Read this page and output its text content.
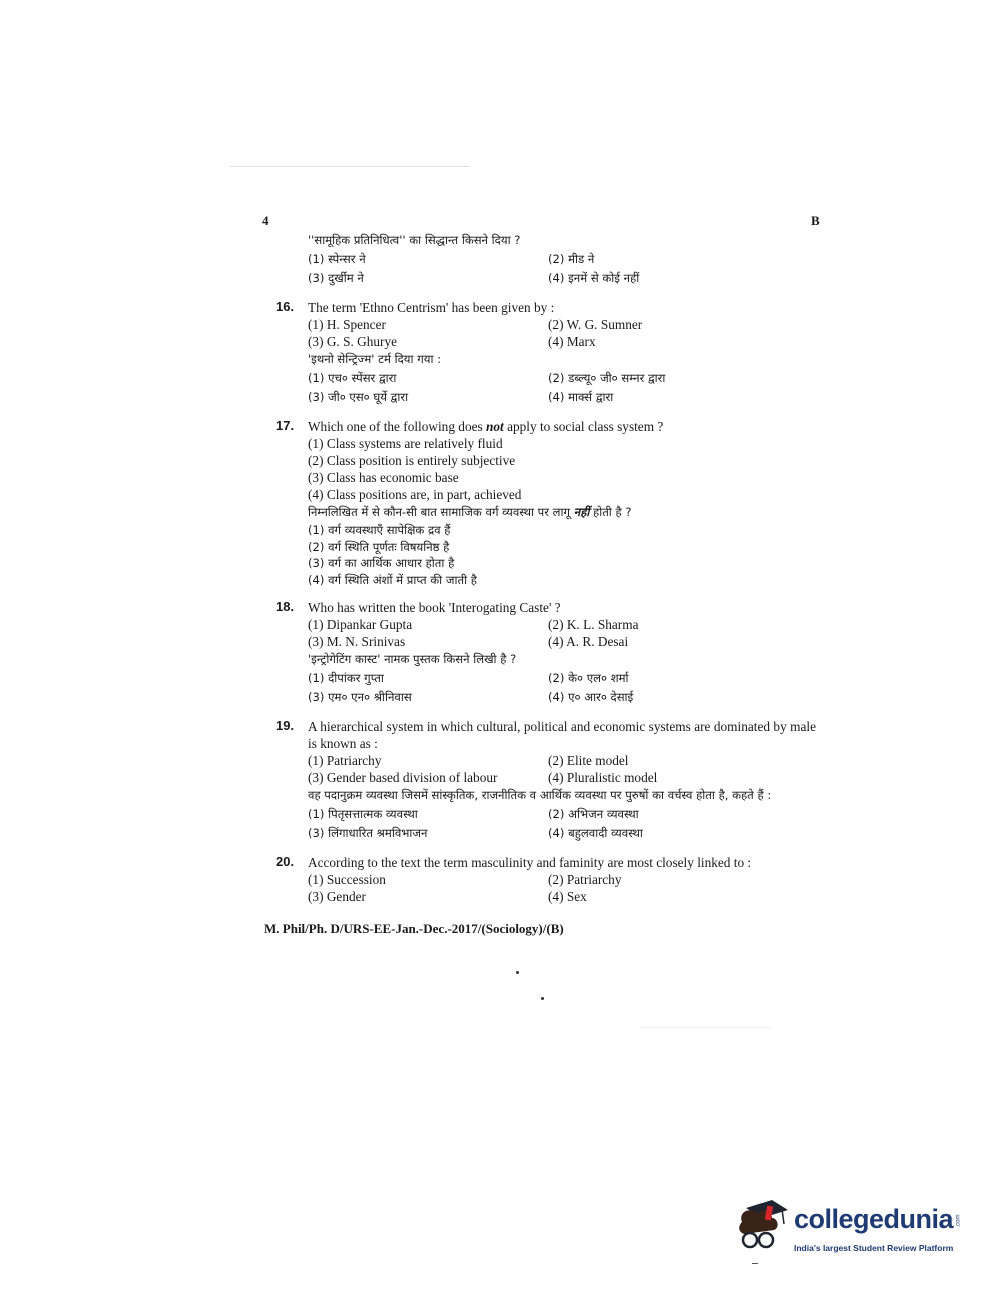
4	B
''सामूहिक प्रतिनिधित्व'' का सिद्धान्त किसने दिया ?
(1) स्पेन्सर ने	(2) मीड ने
(3) दुर्खीम ने	(4) इनमें से कोई नहीं
16. The term 'Ethno Centrism' has been given by :
(1) H. Spencer	(2) W. G. Sumner
(3) G. S. Ghurye	(4) Marx
'इथनो सेन्ट्रिज्म' टर्म दिया गया :
(1) एच० स्पेंसर द्वारा	(2) डब्ल्यू० जी० सम्नर द्वारा
(3) जी० एस० घूर्ये द्वारा	(4) मार्क्स द्वारा
17. Which one of the following does not apply to social class system ?
(1) Class systems are relatively fluid
(2) Class position is entirely subjective
(3) Class has economic base
(4) Class positions are, in part, achieved
निम्नलिखित में से कौन-सी बात सामाजिक वर्ग व्यवस्था पर लागू नहीं होती है ?
(1) वर्ग व्यवस्थाएँ सापेक्षिक द्रव हैं
(2) वर्ग स्थिति पूर्णतः विषयनिष्ठ है
(3) वर्ग का आर्थिक आधार होता है
(4) वर्ग स्थिति अंशों में प्राप्त की जाती है
18. Who has written the book 'Interogating Caste' ?
(1) Dipankar Gupta	(2) K. L. Sharma
(3) M. N. Srinivas	(4) A. R. Desai
'इन्ट्रोगेटिंग कास्ट' नामक पुस्तक किसने लिखी है ?
(1) दीपांकर गुप्ता	(2) के० एल० शर्मा
(3) एम० एन० श्रीनिवास	(4) ए० आर० देसाई
19. A hierarchical system in which cultural, political and economic systems are dominated by male is known as :
(1) Patriarchy	(2) Elite model
(3) Gender based division of labour	(4) Pluralistic model
वह पदानुक्रम व्यवस्था जिसमें सांस्कृतिक, राजनीतिक व आर्थिक व्यवस्था पर पुरुषों का वर्चस्व होता है, कहते हैं :
(1) पितृसत्तात्मक व्यवस्था	(2) अभिजन व्यवस्था
(3) लिंगाधारित श्रमविभाजन	(4) बहुलवादी व्यवस्था
20. According to the text the term masculinity and faminity are most closely linked to :
(1) Succession	(2) Patriarchy
(3) Gender	(4) Sex
M. Phil/Ph. D/URS-EE-Jan.-Dec.-2017/(Sociology)/(B)
collegedunia .com
India's largest Student Review Platform
